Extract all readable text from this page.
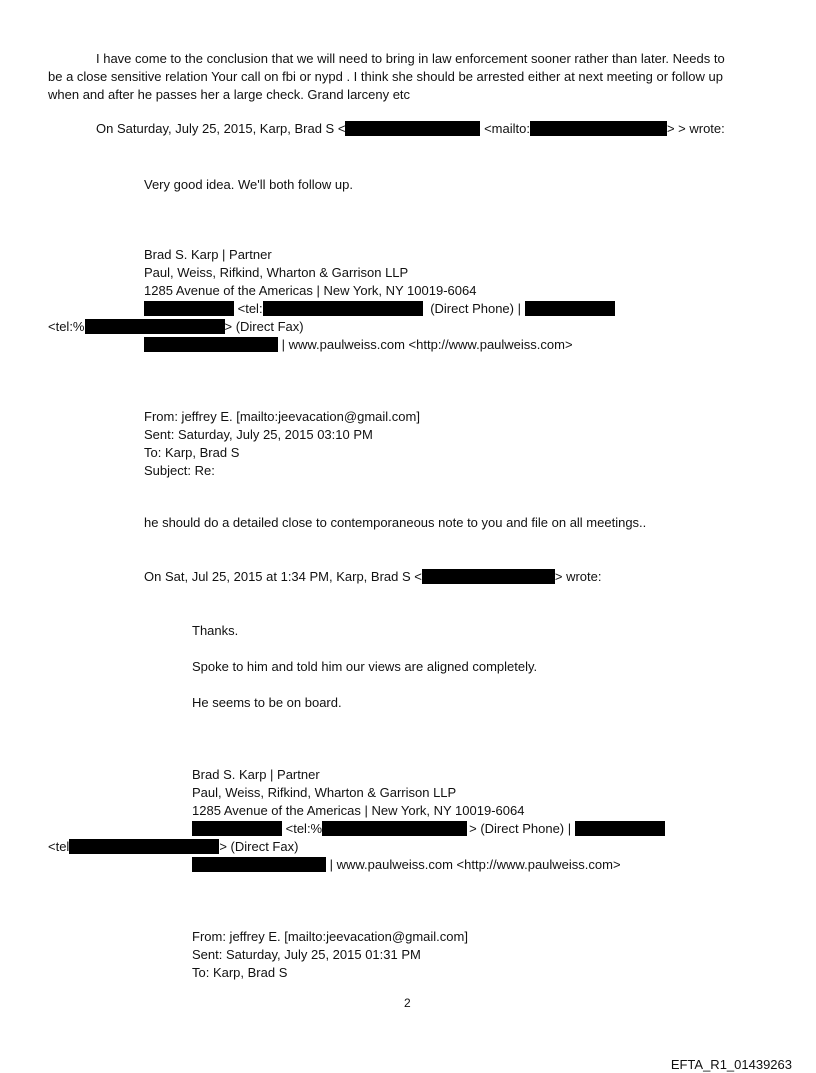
I have come to the conclusion that we will need to bring in law enforcement sooner rather than later. Needs to
be a close sensitive relation Your call on fbi or nypd . I think she should be arrested either at next meeting or follow up
when and after he passes her a large check. Grand larceny etc
On Saturday, July 25, 2015, Karp, Brad S <	<mailto:	> > wrote:
Very good idea. We'll both follow up.
Brad S. Karp | Partner
Paul, Weiss, Rifkind, Wharton & Garrison LLP
1285 Avenue of the Americas | New York, NY 10019-6064
<tel:	(Direct Phone) |
<tel:%	> (Direct Fax)
| www.paulweiss.com <http://www.paulweiss.com>
From: jeffrey E. [mailto:jeevacation@gmail.com]
Sent: Saturday, July 25, 2015 03:10 PM
To: Karp, Brad S
Subject: Re:
he should do a detailed close to contemporaneous note to you and file on all meetings..
On Sat, Jul 25, 2015 at 1:34 PM, Karp, Brad S <	> wrote:
Thanks.
Spoke to him and told him our views are aligned completely.
He seems to be on board.
Brad S. Karp | Partner
Paul, Weiss, Rifkind, Wharton & Garrison LLP
1285 Avenue of the Americas | New York, NY 10019-6064
<tel:%	> (Direct Phone) |
<tel	> (Direct Fax)
| www.paulweiss.com <http://www.paulweiss.com>
From: jeffrey E. [mailto:jeevacation@gmail.com]
Sent: Saturday, July 25, 2015 01:31 PM
To: Karp, Brad S
2
EFTA_R1_01439263
